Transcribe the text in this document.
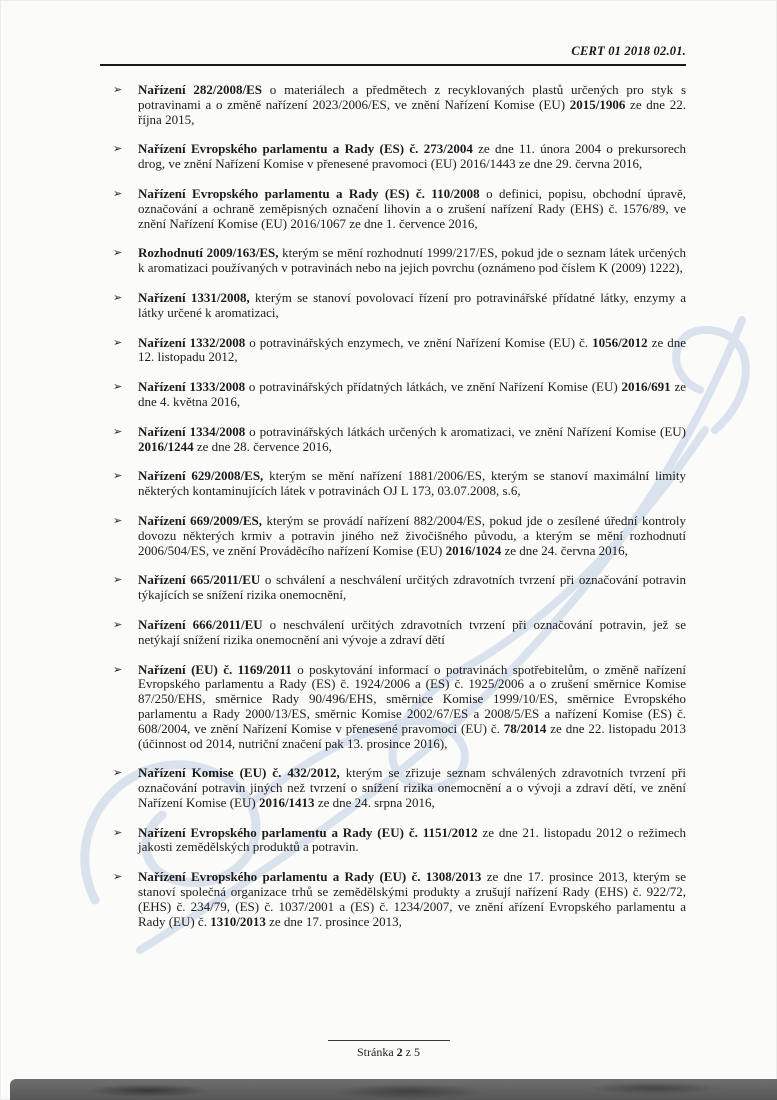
CERT 01 2018 02.01.
➢	Nařízení 282/2008/ES o materiálech a předmětech z recyklovaných plastů určených pro styk s potravinami a o změně nařízení 2023/2006/ES, ve znění Nařízení Komise (EU) 2015/1906 ze dne 22. října 2015,
➢	Nařízení Evropského parlamentu a Rady (ES) č. 273/2004 ze dne 11. února 2004 o prekursorech drog, ve znění Nařízení Komise v přenesené pravomoci (EU) 2016/1443 ze dne 29. června 2016,
➢	Nařízení Evropského parlamentu a Rady (ES) č. 110/2008 o definici, popisu, obchodní úpravě, označování a ochraně zeměpisných označení lihovin a o zrušení nařízení Rady (EHS) č. 1576/89, ve znění Nařízení Komise (EU) 2016/1067 ze dne 1. července 2016,
➢	Rozhodnutí 2009/163/ES, kterým se mění rozhodnutí 1999/217/ES, pokud jde o seznam látek určených k aromatizaci používaných v potravinách nebo na jejich povrchu (oznámeno pod číslem K (2009) 1222),
➢	Nařízení 1331/2008, kterým se stanoví povolovací řízení pro potravinářské přídatné látky, enzymy a látky určené k aromatizaci,
➢	Nařízení 1332/2008 o potravinářských enzymech, ve znění Nařízení Komise (EU) č. 1056/2012 ze dne 12. listopadu 2012,
➢	Nařízení 1333/2008 o potravinářských přídatných látkách, ve znění Nařízení Komise (EU) 2016/691 ze dne 4. května 2016,
➢	Nařízení 1334/2008 o potravinářských látkách určených k aromatizaci, ve znění Nařízení Komise (EU) 2016/1244 ze dne 28. července 2016,
➢	Nařízení 629/2008/ES, kterým se mění nařízení 1881/2006/ES, kterým se stanoví maximální limity některých kontaminujících látek v potravinách OJ L 173, 03.07.2008, s.6,
➢	Nařízení 669/2009/ES, kterým se provádí nařízení 882/2004/ES, pokud jde o zesílené úřední kontroly dovozu některých krmiv a potravin jiného než živočišného původu, a kterým se mění rozhodnutí 2006/504/ES, ve znění Prováděcího nařízení Komise (EU) 2016/1024 ze dne 24. června 2016,
➢	Nařízení 665/2011/EU o schválení a neschválení určitých zdravotních tvrzení při označování potravin týkajících se snížení rizika onemocnění,
➢	Nařízení 666/2011/EU o neschválení určitých zdravotních tvrzení při označování potravin, jež se netýkají snížení rizika onemocnění ani vývoje a zdraví dětí
➢	Nařízení (EU) č. 1169/2011 o poskytování informací o potravinách spotřebitelům, o změně nařízení Evropského parlamentu a Rady (ES) č. 1924/2006 a (ES) č. 1925/2006 a o zrušení směrnice Komise 87/250/EHS, směrnice Rady 90/496/EHS, směrnice Komise 1999/10/ES, směrnice Evropského parlamentu a Rady 2000/13/ES, směrnic Komise 2002/67/ES a 2008/5/ES a nařízení Komise (ES) č. 608/2004, ve znění Nařízení Komise v přenesené pravomoci (EU) č. 78/2014 ze dne 22. listopadu 2013 (účinnost od 2014, nutriční značení pak 13. prosince 2016),
➢	Nařízení Komise (EU) č. 432/2012, kterým se zřizuje seznam schválených zdravotních tvrzení při označování potravin jiných než tvrzení o snížení rizika onemocnění a o vývoji a zdraví dětí, ve znění Nařízení Komise (EU) 2016/1413 ze dne 24. srpna 2016,
➢	Nařízení Evropského parlamentu a Rady (EU) č. 1151/2012 ze dne 21. listopadu 2012 o režimech jakosti zemědělských produktů a potravin.
➢	Nařízení Evropského parlamentu a Rady (EU) č. 1308/2013 ze dne 17. prosince 2013, kterým se stanoví společná organizace trhů se zemědělskými produkty a zrušují nařízení Rady (EHS) č. 922/72, (EHS) č. 234/79, (ES) č. 1037/2001 a (ES) č. 1234/2007, ve znění ařízení Evropského parlamentu a Rady (EU) č. 1310/2013 ze dne 17. prosince 2013,
Stránka 2 z 5
